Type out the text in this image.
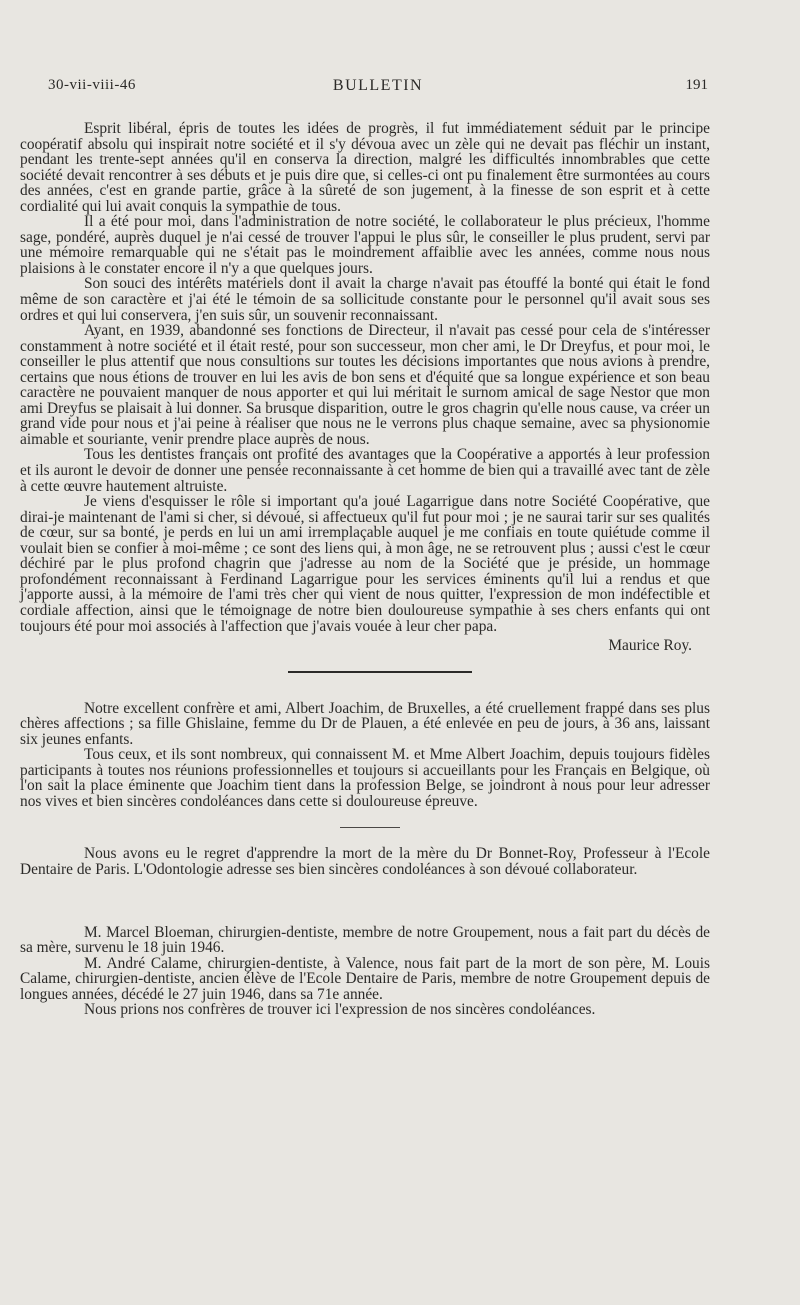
30-vii-viii-46	BULLETIN	191

Esprit libéral, épris de toutes les idées de progrès, il fut immédiatement séduit par le principe coopératif absolu qui inspirait notre société et il s'y dévoua avec un zèle qui ne devait pas fléchir un instant, pendant les trente-sept années qu'il en conserva la direction, malgré les difficultés innombrables que cette société devait rencontrer à ses débuts et je puis dire que, si celles-ci ont pu finalement être surmontées au cours des années, c'est en grande partie, grâce à la sûreté de son jugement, à la finesse de son esprit et à cette cordialité qui lui avait conquis la sympathie de tous.

Il a été pour moi, dans l'administration de notre société, le collaborateur le plus précieux, l'homme sage, pondéré, auprès duquel je n'ai cessé de trouver l'appui le plus sûr, le conseiller le plus prudent, servi par une mémoire remarquable qui ne s'était pas le moindrement affaiblie avec les années, comme nous nous plaisions à le constater encore il n'y a que quelques jours.

Son souci des intérêts matériels dont il avait la charge n'avait pas étouffé la bonté qui était le fond même de son caractère et j'ai été le témoin de sa sollicitude constante pour le personnel qu'il avait sous ses ordres et qui lui conservera, j'en suis sûr, un souvenir reconnaissant.

Ayant, en 1939, abandonné ses fonctions de Directeur, il n'avait pas cessé pour cela de s'intéresser constamment à notre société et il était resté, pour son successeur, mon cher ami, le Dr Dreyfus, et pour moi, le conseiller le plus attentif que nous consultions sur toutes les décisions importantes que nous avions à prendre, certains que nous étions de trouver en lui les avis de bon sens et d'équité que sa longue expérience et son beau caractère ne pouvaient manquer de nous apporter et qui lui méritait le surnom amical de sage Nestor que mon ami Dreyfus se plaisait à lui donner. Sa brusque disparition, outre le gros chagrin qu'elle nous cause, va créer un grand vide pour nous et j'ai peine à réaliser que nous ne le verrons plus chaque semaine, avec sa physionomie aimable et souriante, venir prendre place auprès de nous.

Tous les dentistes français ont profité des avantages que la Coopérative a apportés à leur profession et ils auront le devoir de donner une pensée reconnaissante à cet homme de bien qui a travaillé avec tant de zèle à cette œuvre hautement altruiste.

Je viens d'esquisser le rôle si important qu'a joué Lagarrigue dans notre Société Coopérative, que dirai-je maintenant de l'ami si cher, si dévoué, si affectueux qu'il fut pour moi ; je ne saurai tarir sur ses qualités de cœur, sur sa bonté, je perds en lui un ami irremplaçable auquel je me confiais en toute quiétude comme il voulait bien se confier à moi-même ; ce sont des liens qui, à mon âge, ne se retrouvent plus ; aussi c'est le cœur déchiré par le plus profond chagrin que j'adresse au nom de la Société que je préside, un hommage profondément reconnaissant à Ferdinand Lagarrigue pour les services éminents qu'il lui a rendus et que j'apporte aussi, à la mémoire de l'ami très cher qui vient de nous quitter, l'expression de mon indéfectible et cordiale affection, ainsi que le témoignage de notre bien douloureuse sympathie à ses chers enfants qui ont toujours été pour moi associés à l'affection que j'avais vouée à leur cher papa.

Maurice Roy.

Notre excellent confrère et ami, Albert Joachim, de Bruxelles, a été cruellement frappé dans ses plus chères affections ; sa fille Ghislaine, femme du Dr de Plauen, a été enlevée en peu de jours, à 36 ans, laissant six jeunes enfants.

Tous ceux, et ils sont nombreux, qui connaissent M. et Mme Albert Joachim, depuis toujours fidèles participants à toutes nos réunions professionnelles et toujours si accueillants pour les Français en Belgique, où l'on sait la place éminente que Joachim tient dans la profession Belge, se joindront à nous pour leur adresser nos vives et bien sincères condoléances dans cette si douloureuse épreuve.

Nous avons eu le regret d'apprendre la mort de la mère du Dr Bonnet-Roy, Professeur à l'Ecole Dentaire de Paris. L'Odontologie adresse ses bien sincères condoléances à son dévoué collaborateur.

M. Marcel Bloeman, chirurgien-dentiste, membre de notre Groupement, nous a fait part du décès de sa mère, survenu le 18 juin 1946.

M. André Calame, chirurgien-dentiste, à Valence, nous fait part de la mort de son père, M. Louis Calame, chirurgien-dentiste, ancien élève de l'Ecole Dentaire de Paris, membre de notre Groupement depuis de longues années, décédé le 27 juin 1946, dans sa 71e année.

Nous prions nos confrères de trouver ici l'expression de nos sincères condoléances.
